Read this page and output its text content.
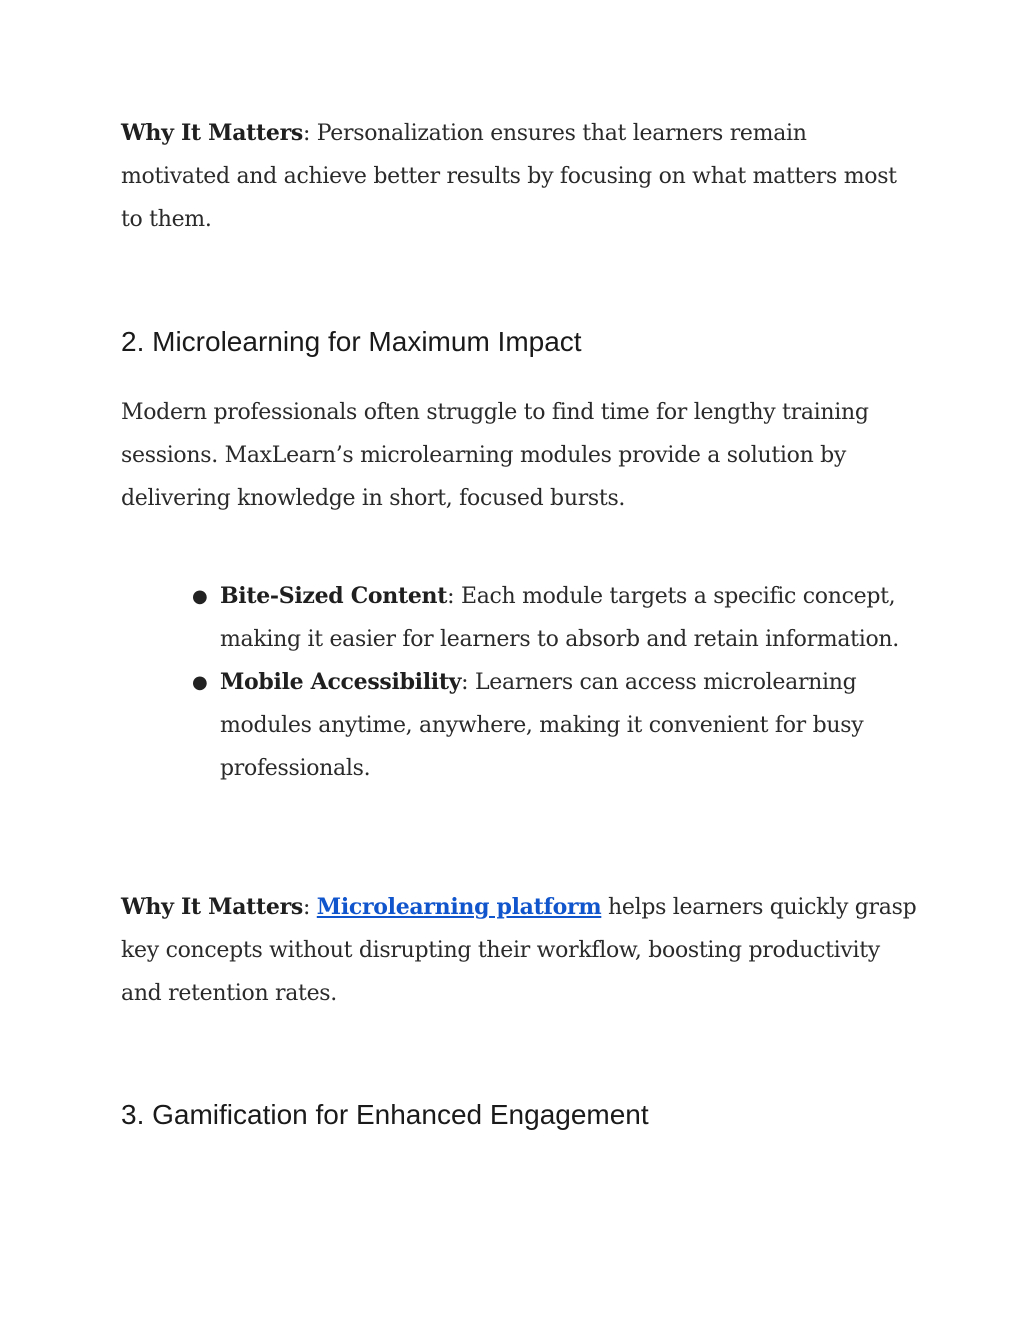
Why It Matters: Personalization ensures that learners remain motivated and achieve better results by focusing on what matters most to them.

2. Microlearning for Maximum Impact

Modern professionals often struggle to find time for lengthy training sessions. MaxLearn’s microlearning modules provide a solution by delivering knowledge in short, focused bursts.

● Bite-Sized Content: Each module targets a specific concept, making it easier for learners to absorb and retain information.
● Mobile Accessibility: Learners can access microlearning modules anytime, anywhere, making it convenient for busy professionals.

Why It Matters: Microlearning platform helps learners quickly grasp key concepts without disrupting their workflow, boosting productivity and retention rates.

3. Gamification for Enhanced Engagement
